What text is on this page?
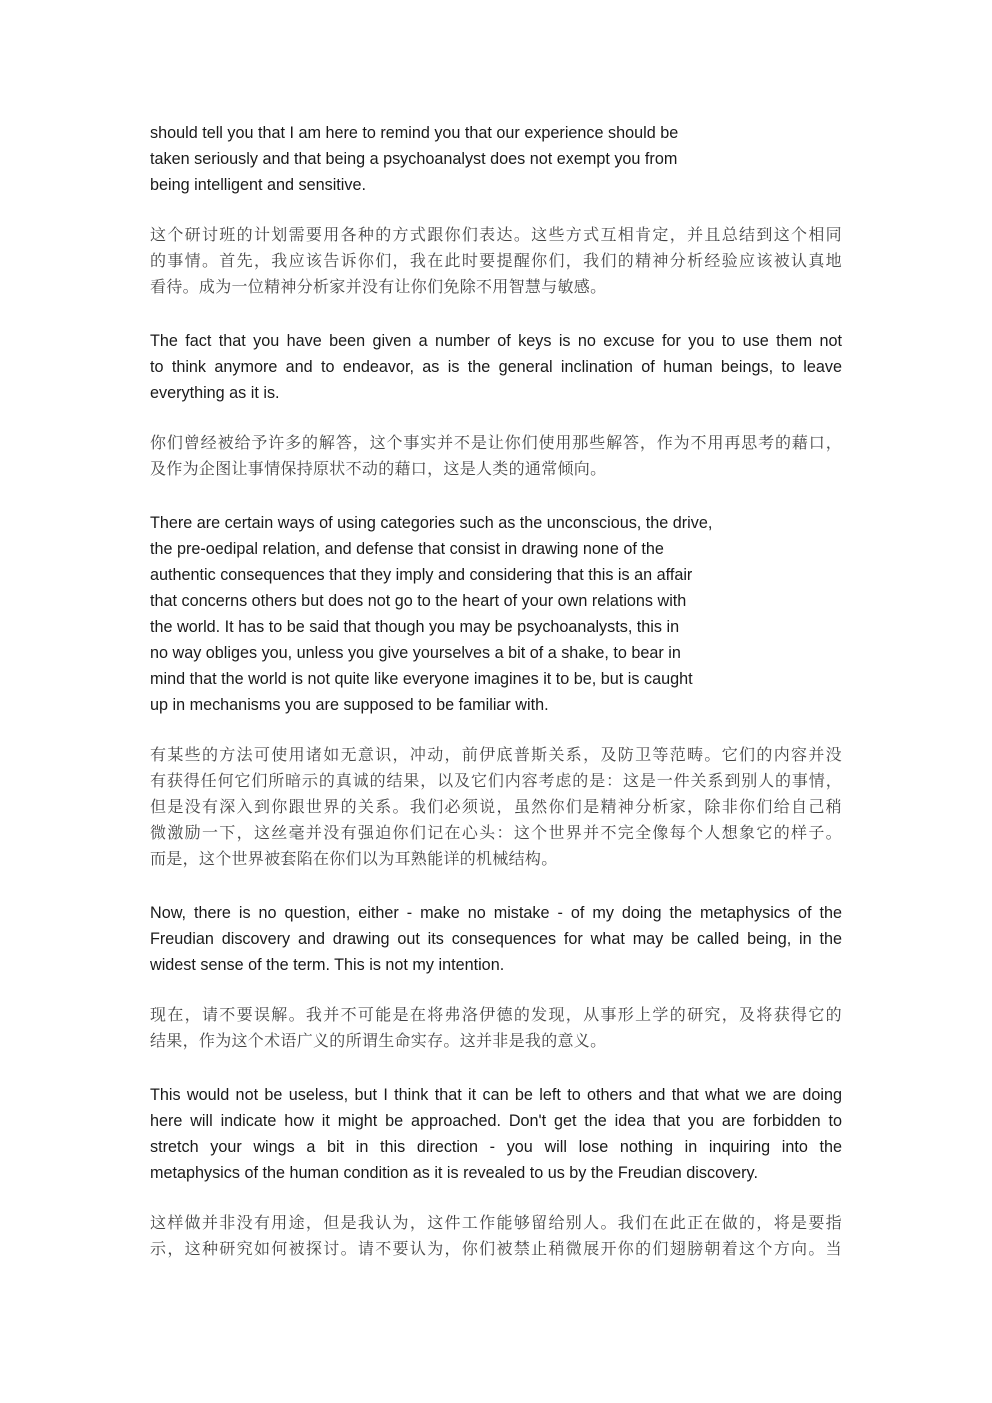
should tell you that I am here to remind you that our experience should be
taken seriously and that being a psychoanalyst does not exempt you from
being intelligent and sensitive.
这个研讨班的计划需要用各种的方式跟你们表达。这些方式互相肯定，并且总结到这个相同
的事情。首先，我应该告诉你们，我在此时要提醒你们，我们的精神分析经验应该被认真地
看待。成为一位精神分析家并没有让你们免除不用智慧与敏感。
The fact that you have been given a number of keys is no excuse for you to use them not
to think anymore and to endeavor, as is the general inclination of human beings, to leave
everything as it is.
你们曾经被给予许多的解答，这个事实并不是让你们使用那些解答，作为不用再思考的藉口，
及作为企图让事情保持原状不动的藉口，这是人类的通常倾向。
There are certain ways of using categories such as the unconscious, the drive,
the pre-oedipal relation, and defense that consist in drawing none of the
authentic consequences that they imply and considering that this is an affair
that concerns others but does not go to the heart of your own relations with
the world. It has to be said that though you may be psychoanalysts, this in
no way obliges you, unless you give yourselves a bit of a shake, to bear in
mind that the world is not quite like everyone imagines it to be, but is caught
up in mechanisms you are supposed to be familiar with.
有某些的方法可使用诸如无意识，冲动，前伊底普斯关系，及防卫等范畴。它们的内容并没
有获得任何它们所暗示的真诚的结果，以及它们内容考虑的是：这是一件关系到别人的事情，
但是没有深入到你跟世界的关系。我们必须说，虽然你们是精神分析家，除非你们给自己稍
微激励一下，这丝毫并没有强迫你们记在心头：这个世界并不完全像每个人想象它的样子。
而是，这个世界被套陷在你们以为耳熟能详的机械结构。
Now, there is no question, either - make no mistake - of my doing the metaphysics of the
Freudian discovery and drawing out its consequences for what may be called being, in the
widest sense of the term. This is not my intention.
现在，请不要误解。我并不可能是在将弗洛伊德的发现，从事形上学的研究，及将获得它的
结果，作为这个术语广义的所谓生命实存。这并非是我的意义。
This would not be useless, but I think that it can be left to others and that what we are doing
here will indicate how it might be approached. Don't get the idea that you are forbidden to
stretch your wings a bit in this direction - you will lose nothing in inquiring into the
metaphysics of the human condition as it is revealed to us by the Freudian discovery.
这样做并非没有用途，但是我认为，这件工作能够留给别人。我们在此正在做的，将是要指
示，这种研究如何被探讨。请不要认为，你们被禁止稍微展开你的们翅膀朝着这个方向。当
